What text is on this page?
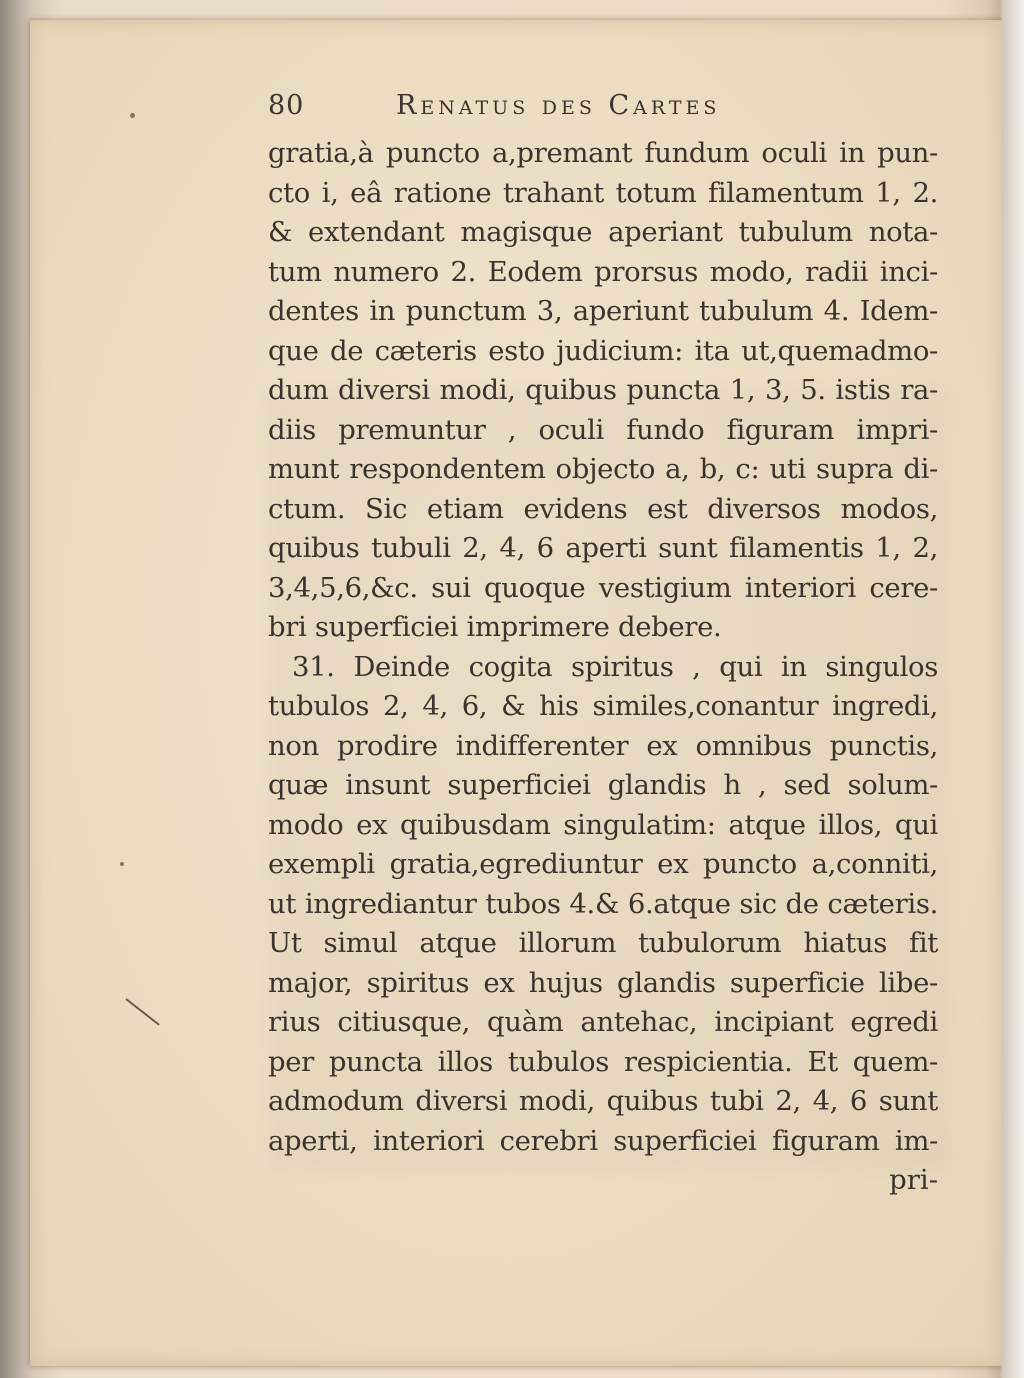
80	Renatus des Cartes
gratia,à puncto a,premant fundum oculi in pun-
cto i, eâ ratione trahant totum filamentum 1, 2.
& extendant magisque aperiant tubulum nota-
tum numero 2. Eodem prorsus modo, radii inci-
dentes in punctum 3, aperiunt tubulum 4. Idem-
que de cæteris esto judicium: ita ut,quemadmo-
dum diversi modi, quibus puncta 1, 3, 5. istis ra-
diis premuntur , oculi fundo figuram impri-
munt respondentem objecto a, b, c: uti supra di-
ctum. Sic etiam evidens est diversos modos,
quibus tubuli 2, 4, 6 aperti sunt filamentis 1, 2,
3,4,5,6,&c. sui quoque vestigium interiori cere-
bri superficiei imprimere debere.
31. Deinde cogita spiritus , qui in singulos
tubulos 2, 4, 6, & his similes,conantur ingredi,
non prodire indifferenter ex omnibus punctis,
quæ insunt superficiei glandis h , sed solum-
modo ex quibusdam singulatim: atque illos, qui
exempli gratia,egrediuntur ex puncto a,conniti,
ut ingrediantur tubos 4.& 6.atque sic de cæteris.
Ut simul atque illorum tubulorum hiatus fit
major, spiritus ex hujus glandis superficie libe-
rius citiusque, quàm antehac, incipiant egredi
per puncta illos tubulos respicientia. Et quem-
admodum diversi modi, quibus tubi 2, 4, 6 sunt
aperti, interiori cerebri superficiei figuram im-
pri-
